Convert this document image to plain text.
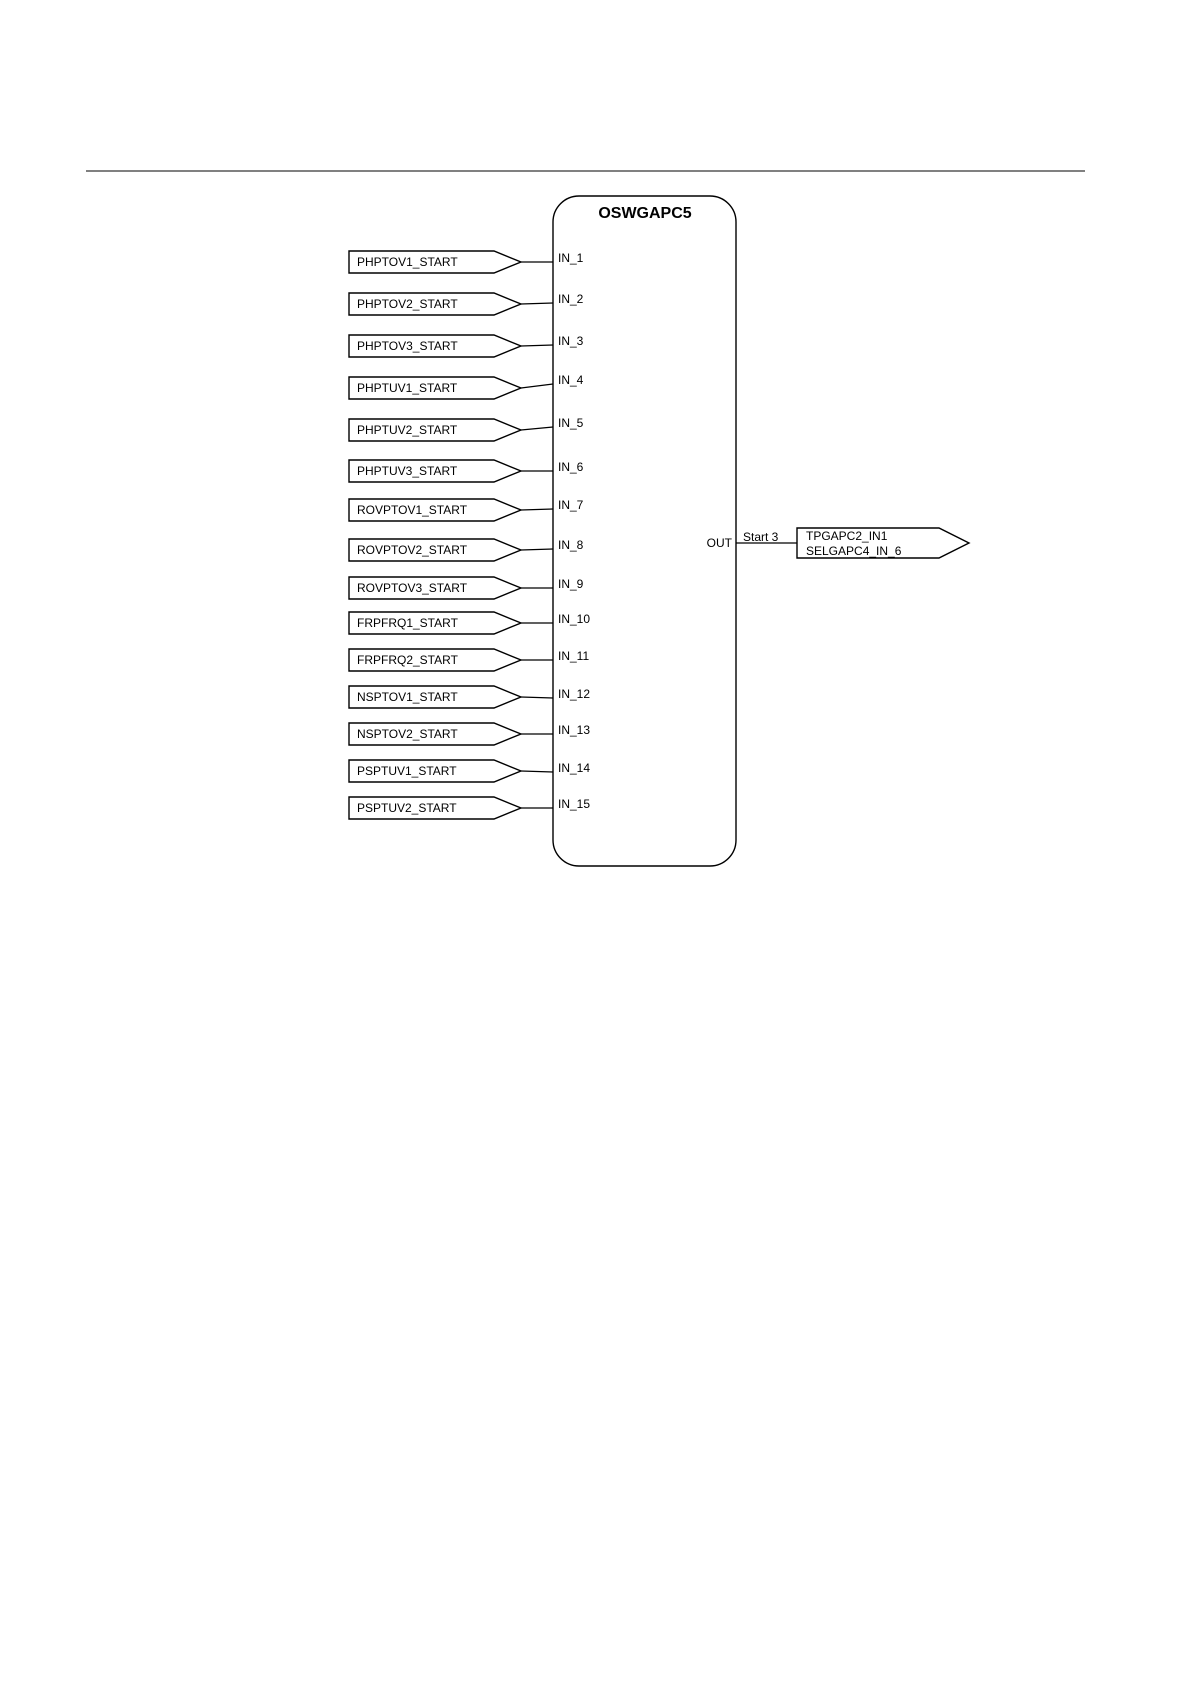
OSWGAPC5
OUT
PHPTOV1_START	IN_1
PHPTOV2_START	IN_2
PHPTOV3_START	IN_3
PHPTUV1_START
IN_4
PHPTUV2_START	IN_5
PHPTUV3_START	IN_6
ROVPTOV1_START	IN_7
ROVPTOV2_START	IN_8
ROVPTOV3_START	IN_9
FRPFRQ1_START	IN_10
FRPFRQ2_START	IN_11
NSPTOV1_START	IN_12
NSPTOV2_START	IN_13
PSPTUV1_START	IN_14
PSPTUV2_START	IN_15
Start 3 TPGAPC2_IN1
SELGAPC4_IN_6
